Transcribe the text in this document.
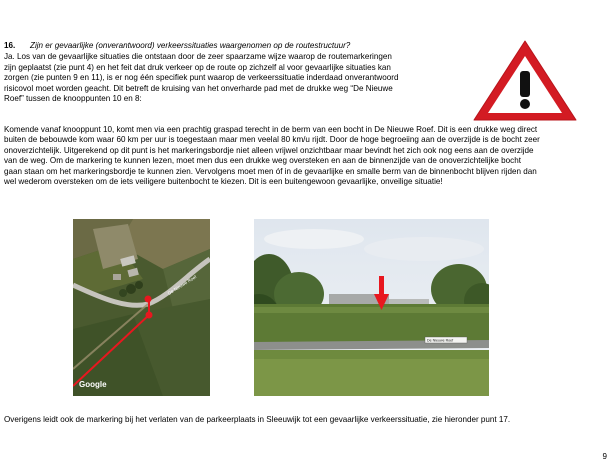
16. Zijn er gevaarlijke (onverantwoord) verkeerssituaties waargenomen op de routestructuur?

Ja. Los van de gevaarlijke situaties die ontstaan door de zeer spaarzame wijze waarop de routemarkeringen

zijn geplaatst (zie punt 4) en het feit dat druk verkeer op de route op zichzelf al voor gevaarlijke situaties kan

zorgen (zie punten 9 en 11), is er nog één specifiek punt waarop de verkeerssituatie inderdaad onverantwoord

risicovol moet worden geacht. Dit betreft de kruising van het onverharde pad met de drukke weg “De Nieuwe

Roef” tussen de knooppunten 10 en 8:

Komende vanaf knooppunt 10, komt men via een prachtig graspad terecht in de berm van een bocht in De Nieuwe Roef. Dit is een drukke weg direct
buiten de bebouwde kom waar 60 km per uur is toegestaan maar men veelal 80 km/u rijdt. Door de hoge begroeiing aan de overzijde is de bocht zeer
onoverzichtelijk. Uitgerekend op dit punt is het markeringsbordje niet alleen vrijwel onzichtbaar maar bevindt het zich ook nog eens aan de overzijde
van de weg. Om de markering te kunnen lezen, moet men dus een drukke weg oversteken en aan de binnenzijde van de onoverzichtelijke bocht
gaan staan om het markeringsbordje te kunnen zien. Vervolgens moet men óf in de gevaarlijke en smalle berm van de binnenbocht blijven rijden dan
wel wederom oversteken om de iets veiligere buitenbocht te kiezen. Dit is een buitengewoon gevaarlijke, onveilige situatie!
De Nieuwe Roef
Google
De Nieuwe Roef
Overigens leidt ook de markering bij het verlaten van de parkeerplaats in Sleeuwijk tot een gevaarlijke verkeerssituatie, zie hieronder punt 17.
9
